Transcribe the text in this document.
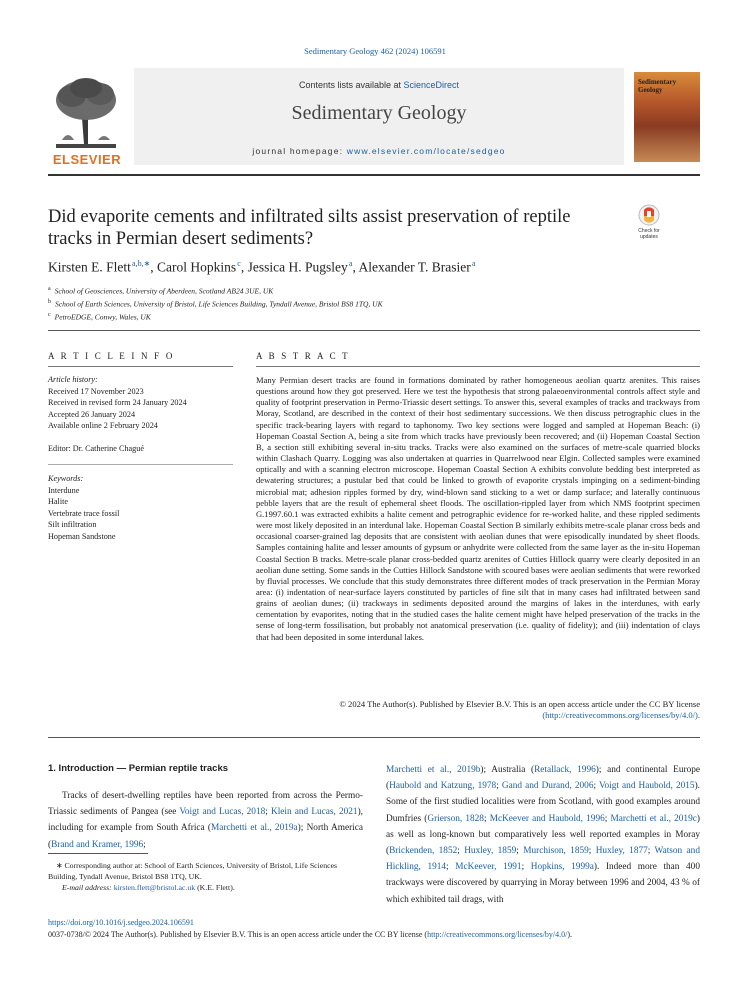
Sedimentary Geology 462 (2024) 106591
ELSEVIER
Contents lists available at ScienceDirect
Sedimentary Geology
journal homepage: www.elsevier.com/locate/sedgeo
Sedimentary Geology
Did evaporite cements and infiltrated silts assist preservation of reptile tracks in Permian desert sediments?	Check for updates
Kirsten E. Flett $^{a,b,∗}$, Carol Hopkins $^c$, Jessica H. Pugsley $^a$, Alexander T. Brasier $^a$
$^a$ School of Geosciences, University of Aberdeen, Scotland AB24 3UE, UK
$^b$ School of Earth Sciences, University of Bristol, Life Sciences Building, Tyndall Avenue, Bristol BS8 1TQ, UK
$^c$ PetroEDGE, Conwy, Wales, UK
A R T I C L E I N F O	A B S T R A C T
Article history:
Received 17 November 2023
Received in revised form 24 January 2024
Accepted 26 January 2024
Available online 2 February 2024
Editor: Dr. Catherine Chagué
Keywords:
Interdune
Halite
Vertebrate trace fossil
Silt infiltration
Hopeman Sandstone
Many Permian desert tracks are found in formations dominated by rather homogeneous aeolian quartz arenites. This raises questions around how they got preserved. Here we test the hypothesis that strong palaeoenvironmental controls affect style and quality of footprint preservation in Permo-Triassic desert settings. To answer this, several examples of tracks and trackways from Moray, Scotland, are described in the context of their host sedimentary successions. We then discuss petrographic clues in the specific track-bearing layers with regard to taphonomy. Two key sections were logged and sampled at Hopeman Beach: (i) Hopeman Coastal Section A, being a site from which tracks have previously been recovered; and (ii) Hopeman Coastal Section B, a section still exhibiting several in-situ tracks. Tracks were also examined on the surfaces of metre-scale quarried blocks within Clashach Quarry. Logging was also undertaken at quarries in Quarrelwood near Elgin. Collected samples were examined optically and with a scanning electron microscope. Hopeman Coastal Section A exhibits convolute bedding best interpreted as dewatering structures; a pustular bed that could be linked to growth of evaporite crystals impinging on a sediment-binding microbial mat; adhesion ripples formed by dry, wind-blown sand sticking to a wet or damp surface; and laterally continuous pebble layers that are the result of ephemeral sheet floods. The oscillation-rippled layer from which NMS footprint specimen G.1997.60.1 was extracted exhibits a halite cement and petrographic evidence for re-worked halite, and these rippled sediments were most likely deposited in an interdunal lake. Hopeman Coastal Section B similarly exhibits metre-scale planar cross beds and occasional coarser-grained lag deposits that are consistent with aeolian dunes that were episodically inundated by sheet floods. Samples containing halite and lesser amounts of gypsum or anhydrite were collected from the same layer as the in-situ Hopeman Coastal Section B tracks. Metre-scale planar cross-bedded quartz arenites of Cutties Hillock quarry were clearly deposited in an aeolian dune setting. Some sands in the Cutties Hillock Sandstone with scoured bases were aeolian sediments that were reworked by fluvial processes. We conclude that this study demonstrates three different modes of track preservation in the Permian Moray area: (i) indentation of near-surface layers constituted by particles of fine silt that in many cases had infiltrated between sand grains of aeolian dunes; (ii) trackways in sediments deposited around the margins of lakes in the interdunes, with early cementation by evaporites, noting that in the studied cases the halite cement might have helped preservation of the tracks in the sense of long-term fossilisation, but probably not anatomical preservation (i.e. quality of fidelity); and (iii) indentation of clays that had been deposited in some interdunal lakes.
© 2024 The Author(s). Published by Elsevier B.V. This is an open access article under the CC BY license
(http://creativecommons.org/licenses/by/4.0/).
1. Introduction — Permian reptile tracks
Tracks of desert-dwelling reptiles have been reported from across the Permo-Triassic sediments of Pangea (see Voigt and Lucas, 2018; Klein and Lucas, 2021), including for example from South Africa (Marchetti et al., 2019a); North America (Brand and Kramer, 1996;
Marchetti et al., 2019b); Australia (Retallack, 1996); and continental Europe (Haubold and Katzung, 1978; Gand and Durand, 2006; Voigt and Haubold, 2015). Some of the first studied localities were from Scotland, with good examples around Dumfries (Grierson, 1828; McKeever and Haubold, 1996; Marchetti et al., 2019c) as well as long-known but comparatively less well reported examples in Moray (Brickenden, 1852; Huxley, 1859; Murchison, 1859; Huxley, 1877; Watson and Hickling, 1914; McKeever, 1991; Hopkins, 1999a). Indeed more than 400 trackways were discovered by quarrying in Moray between 1996 and 2004, 43 % of which exhibited tail drags, with
∗ Corresponding author at: School of Earth Sciences, University of Bristol, Life Sciences Building, Tyndall Avenue, Bristol BS8 1TQ, UK.
E-mail address: kirsten.flett@bristol.ac.uk (K.E. Flett).
https://doi.org/10.1016/j.sedgeo.2024.106591
0037-0738/© 2024 The Author(s). Published by Elsevier B.V. This is an open access article under the CC BY license (http://creativecommons.org/licenses/by/4.0/).
